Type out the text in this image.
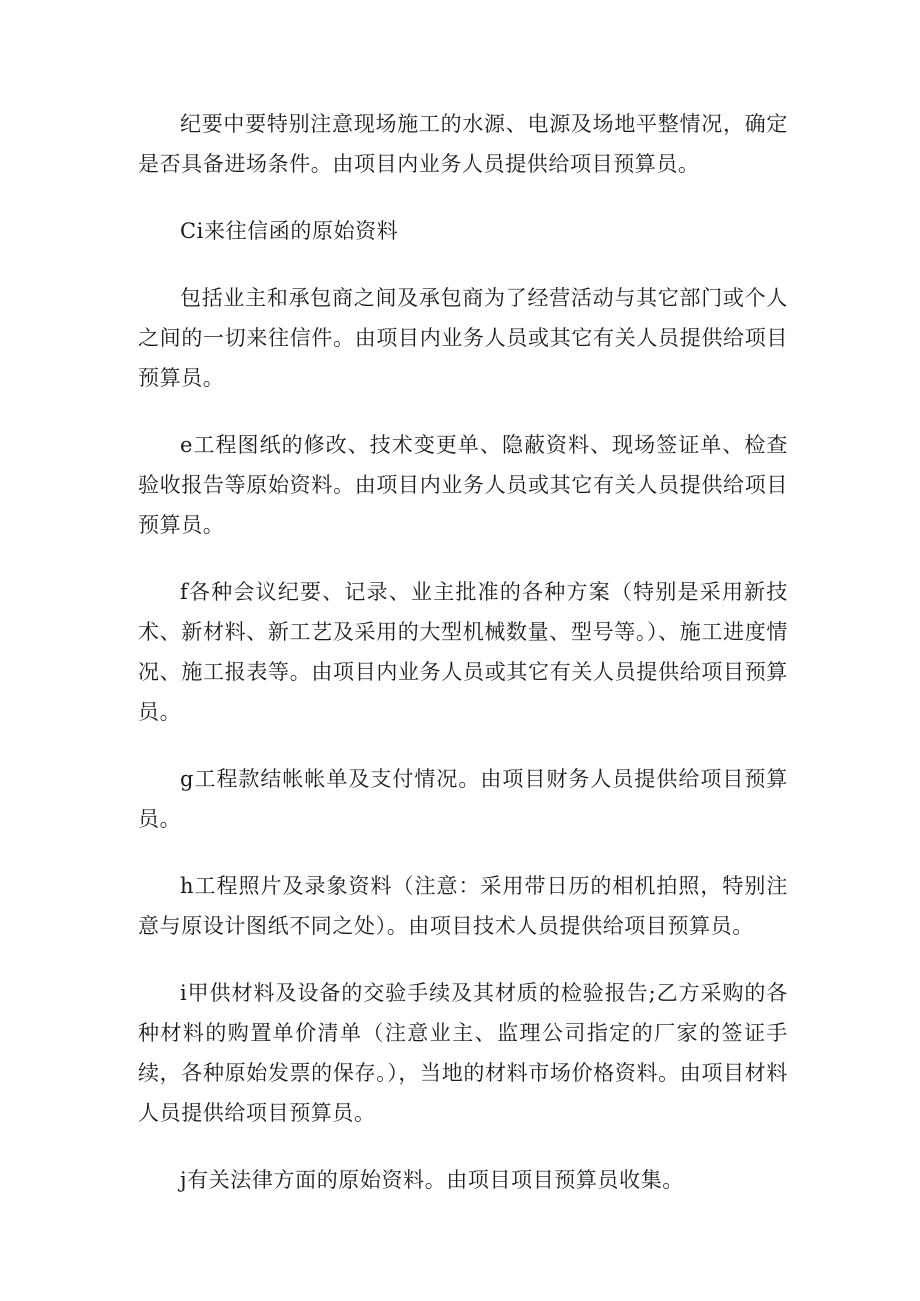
纪要中要特别注意现场施工的水源、电源及场地平整情况，确定是否具备进场条件。由项目内业务人员提供给项目预算员。

Ci来往信函的原始资料

包括业主和承包商之间及承包商为了经营活动与其它部门或个人之间的一切来往信件。由项目内业务人员或其它有关人员提供给项目预算员。

e工程图纸的修改、技术变更单、隐蔽资料、现场签证单、检查验收报告等原始资料。由项目内业务人员或其它有关人员提供给项目预算员。

f各种会议纪要、记录、业主批准的各种方案（特别是采用新技术、新材料、新工艺及采用的大型机械数量、型号等。）、施工进度情况、施工报表等。由项目内业务人员或其它有关人员提供给项目预算员。

g工程款结帐帐单及支付情况。由项目财务人员提供给项目预算员。

h工程照片及录象资料（注意：采用带日历的相机拍照，特别注意与原设计图纸不同之处）。由项目技术人员提供给项目预算员。

i甲供材料及设备的交验手续及其材质的检验报告;乙方采购的各种材料的购置单价清单（注意业主、监理公司指定的厂家的签证手续，各种原始发票的保存。），当地的材料市场价格资料。由项目材料人员提供给项目预算员。

j有关法律方面的原始资料。由项目项目预算员收集。
